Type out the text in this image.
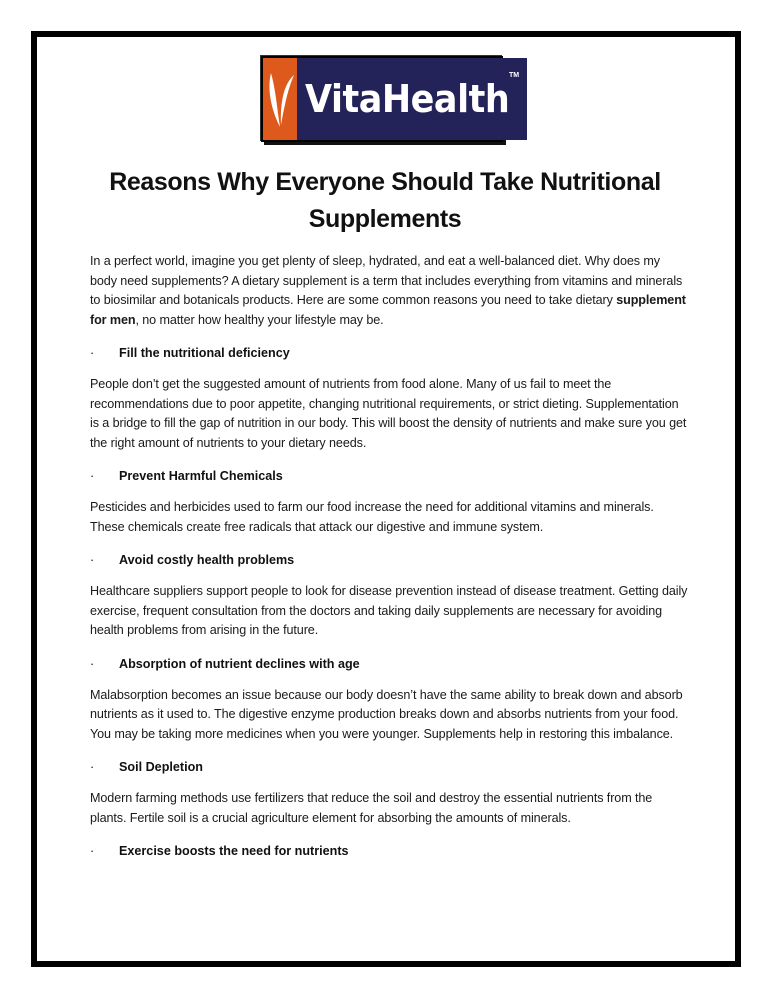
VitaHealth
TM
Reasons Why Everyone Should Take Nutritional Supplements

In a perfect world, imagine you get plenty of sleep, hydrated, and eat a well-balanced diet. Why does my body need supplements? A dietary supplement is a term that includes everything from vitamins and minerals to biosimilar and botanicals products. Here are some common reasons you need to take dietary supplement for men, no matter how healthy your lifestyle may be.

·	Fill the nutritional deficiency

People don’t get the suggested amount of nutrients from food alone. Many of us fail to meet the recommendations due to poor appetite, changing nutritional requirements, or strict dieting. Supplementation is a bridge to fill the gap of nutrition in our body. This will boost the density of nutrients and make sure you get the right amount of nutrients to your dietary needs.

·	Prevent Harmful Chemicals

Pesticides and herbicides used to farm our food increase the need for additional vitamins and minerals. These chemicals create free radicals that attack our digestive and immune system.

·	Avoid costly health problems

Healthcare suppliers support people to look for disease prevention instead of disease treatment. Getting daily exercise, frequent consultation from the doctors and taking daily supplements are necessary for avoiding health problems from arising in the future.

·	Absorption of nutrient declines with age

Malabsorption becomes an issue because our body doesn’t have the same ability to break down and absorb nutrients as it used to. The digestive enzyme production breaks down and absorbs nutrients from your food. You may be taking more medicines when you were younger. Supplements help in restoring this imbalance.

·	Soil Depletion

Modern farming methods use fertilizers that reduce the soil and destroy the essential nutrients from the plants. Fertile soil is a crucial agriculture element for absorbing the amounts of minerals.

·	Exercise boosts the need for nutrients
